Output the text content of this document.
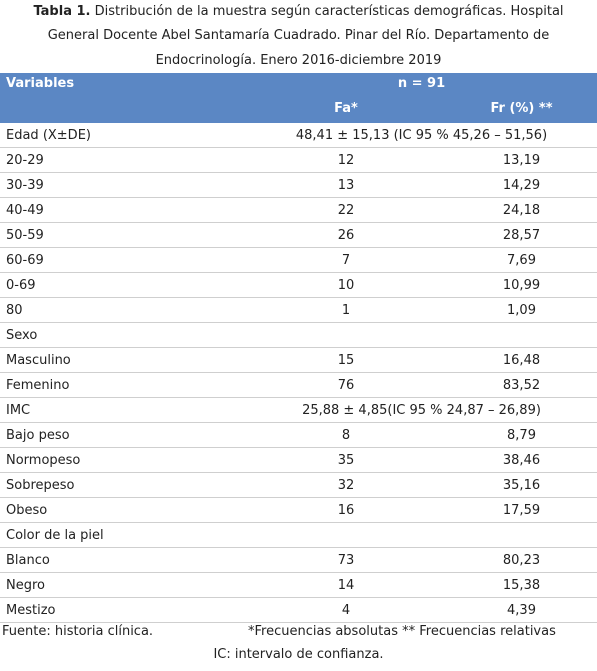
Tabla 1. Distribución de la muestra según características demográficas. Hospital
General Docente Abel Santamaría Cuadrado. Pinar del Río. Departamento de
Endocrinología. Enero 2016-diciembre 2019
Variables	n = 91	
	Fa*	Fr (%) **
Edad (X±DE)	48,41 ± 15,13 (IC 95 % 45,26 – 51,56)	
20-29	12	13,19
30-39	13	14,29
40-49	22	24,18
50-59	26	28,57
60-69	7	7,69
0-69	10	10,99
80	1	1,09
Sexo		
Masculino	15	16,48
Femenino	76	83,52
IMC	25,88 ± 4,85(IC 95 % 24,87 – 26,89)	
Bajo peso	8	8,79
Normopeso	35	38,46
Sobrepeso	32	35,16
Obeso	16	17,59
Color de la piel		
Blanco	73	80,23
Negro	14	15,38
Mestizo	4	4,39
Fuente: historia clínica.	*Frecuencias absolutas ** Frecuencias relativas
IC: intervalo de confianza.
